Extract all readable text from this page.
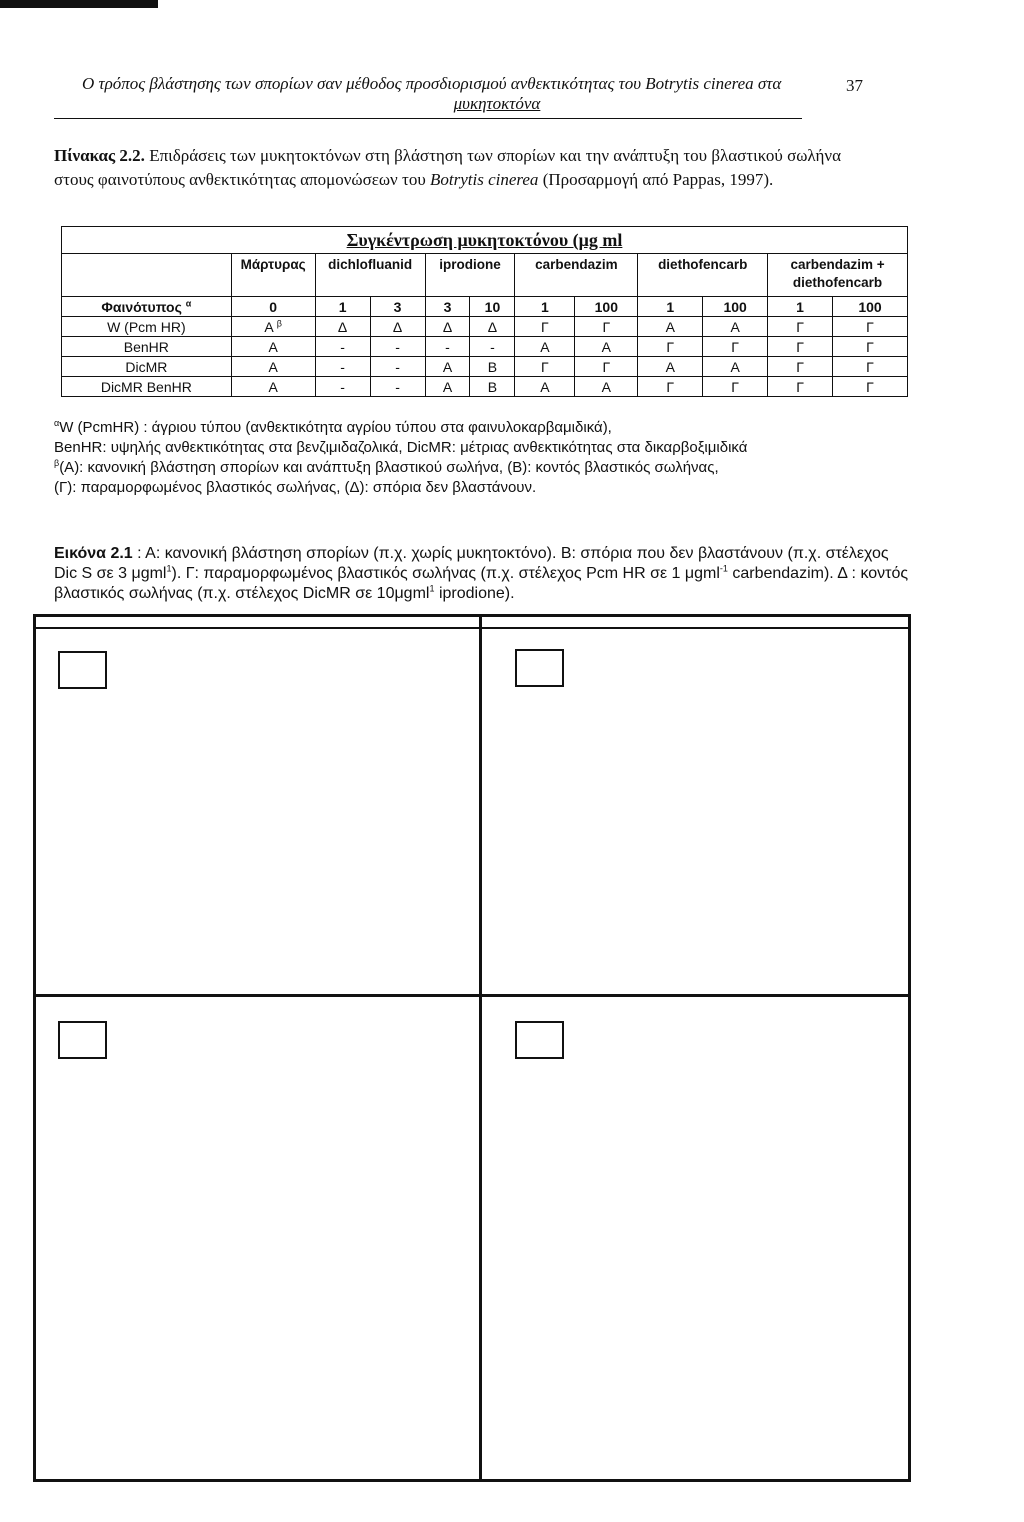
Ο τρόπος βλάστησης των σπορίων σαν μέθοδος προσδιορισμού ανθεκτικότητας του Botrytis cinerea στα
μυκητοκτόνα
37
Πίνακας 2.2. Επιδράσεις των μυκητοκτόνων στη βλάστηση των σπορίων και την ανάπτυξη του βλαστικού σωλήνα στους φαινοτύπους ανθεκτικότητας απομονώσεων του Botrytis cinerea (Προσαρμογή από Pappas, 1997).
Συγκέντρωση μυκητοκτόνου (μg ml											
	Μάρτυρας	dichlofluanid		iprodione		carbendazim		diethofencarb		carbendazim + diethofencarb	
Φαινότυπος $^\alpha$	0	1	3	3	10	1	100	1	100	1	100
W (Pcm HR)	Α $^\beta$	Δ	Δ	Δ	Δ	Γ	Γ	Α	Α	Γ	Γ
BenHR	Α	-	-	-	-	Α	Α	Γ	Γ	Γ	Γ
DicMR	Α	-	-	Α	Β	Γ	Γ	Α	Α	Γ	Γ
DicMR BenHR	Α	-	-	Α	Β	Α	Α	Γ	Γ	Γ	Γ
$^\alpha$W (PcmHR) : άγριου τύπου (ανθεκτικότητα αγρίου τύπου στα φαινυλοκαρβαμιδικά),
BenHR: υψηλής ανθεκτικότητας στα βενζιμιδαζολικά, DicMR: μέτριας ανθεκτικότητας στα δικαρβοξιμιδικά
$^\beta$(Α): κανονική βλάστηση σπορίων και ανάπτυξη βλαστικού σωλήνα, (Β): κοντός βλαστικός σωλήνας,
(Γ): παραμορφωμένος βλαστικός σωλήνας, (Δ): σπόρια δεν βλαστάνουν.
Εικόνα 2.1 : Α: κανονική βλάστηση σπορίων (π.χ. χωρίς μυκητοκτόνο). Β: σπόρια που δεν βλαστάνουν (π.χ. στέλεχος Dic S σε 3 μgml$^1$). Γ: παραμορφωμένος βλαστικός σωλήνας (π.χ. στέλεχος Pcm HR σε 1 μgml$^{-1}$ carbendazim). Δ : κοντός βλαστικός σωλήνας (π.χ. στέλεχος DicMR σε 10μgml$^1$ iprodione).
